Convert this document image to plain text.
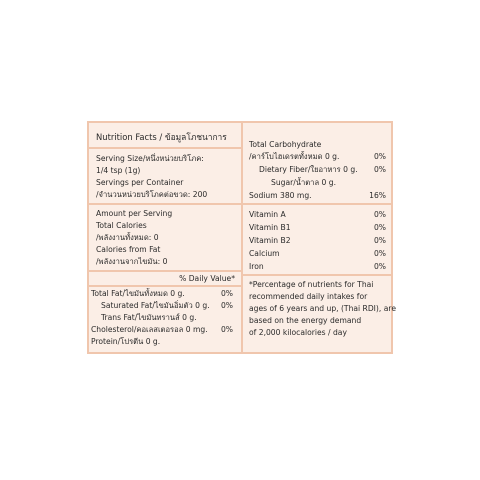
Nutrition Facts / ข้อมูลโภชนาการ
Serving Size/หนึ่งหน่วยบริโภค:
1/4 tsp (1g)
Servings per Container
/จำนวนหน่วยบริโภคต่อขวด: 200
Amount per Serving
Total Calories
/พลังงานทั้งหมด: 0
Calories from Fat
/พลังงานจากไขมัน: 0
% Daily Value*
Total Fat/ไขมันทั้งหมด 0 g.	0%
Saturated Fat/ไขมันอิ่มตัว 0 g. 0%
Trans Fat/ไขมันทรานส์ 0 g.
Cholesterol/คอเลสเตอรอล 0 mg. 0%
Protein/โปรตีน 0 g.
Total Carbohydrate
/คาร์โบไฮเดรตทั้งหมด 0 g.	0%
Dietary Fiber/ใยอาหาร 0 g. 0%
Sugar/น้ำตาล 0 g.
Sodium 380 mg.	16%
Vitamin A	0%
Vitamin B1	0%
Vitamin B2	0%
Calcium	0%
Iron	0%
*Percentage of nutrients for Thai
recommended daily intakes for
ages of 6 years and up, (Thai RDI), are
based on the energy demand
of 2,000 kilocalories / day
